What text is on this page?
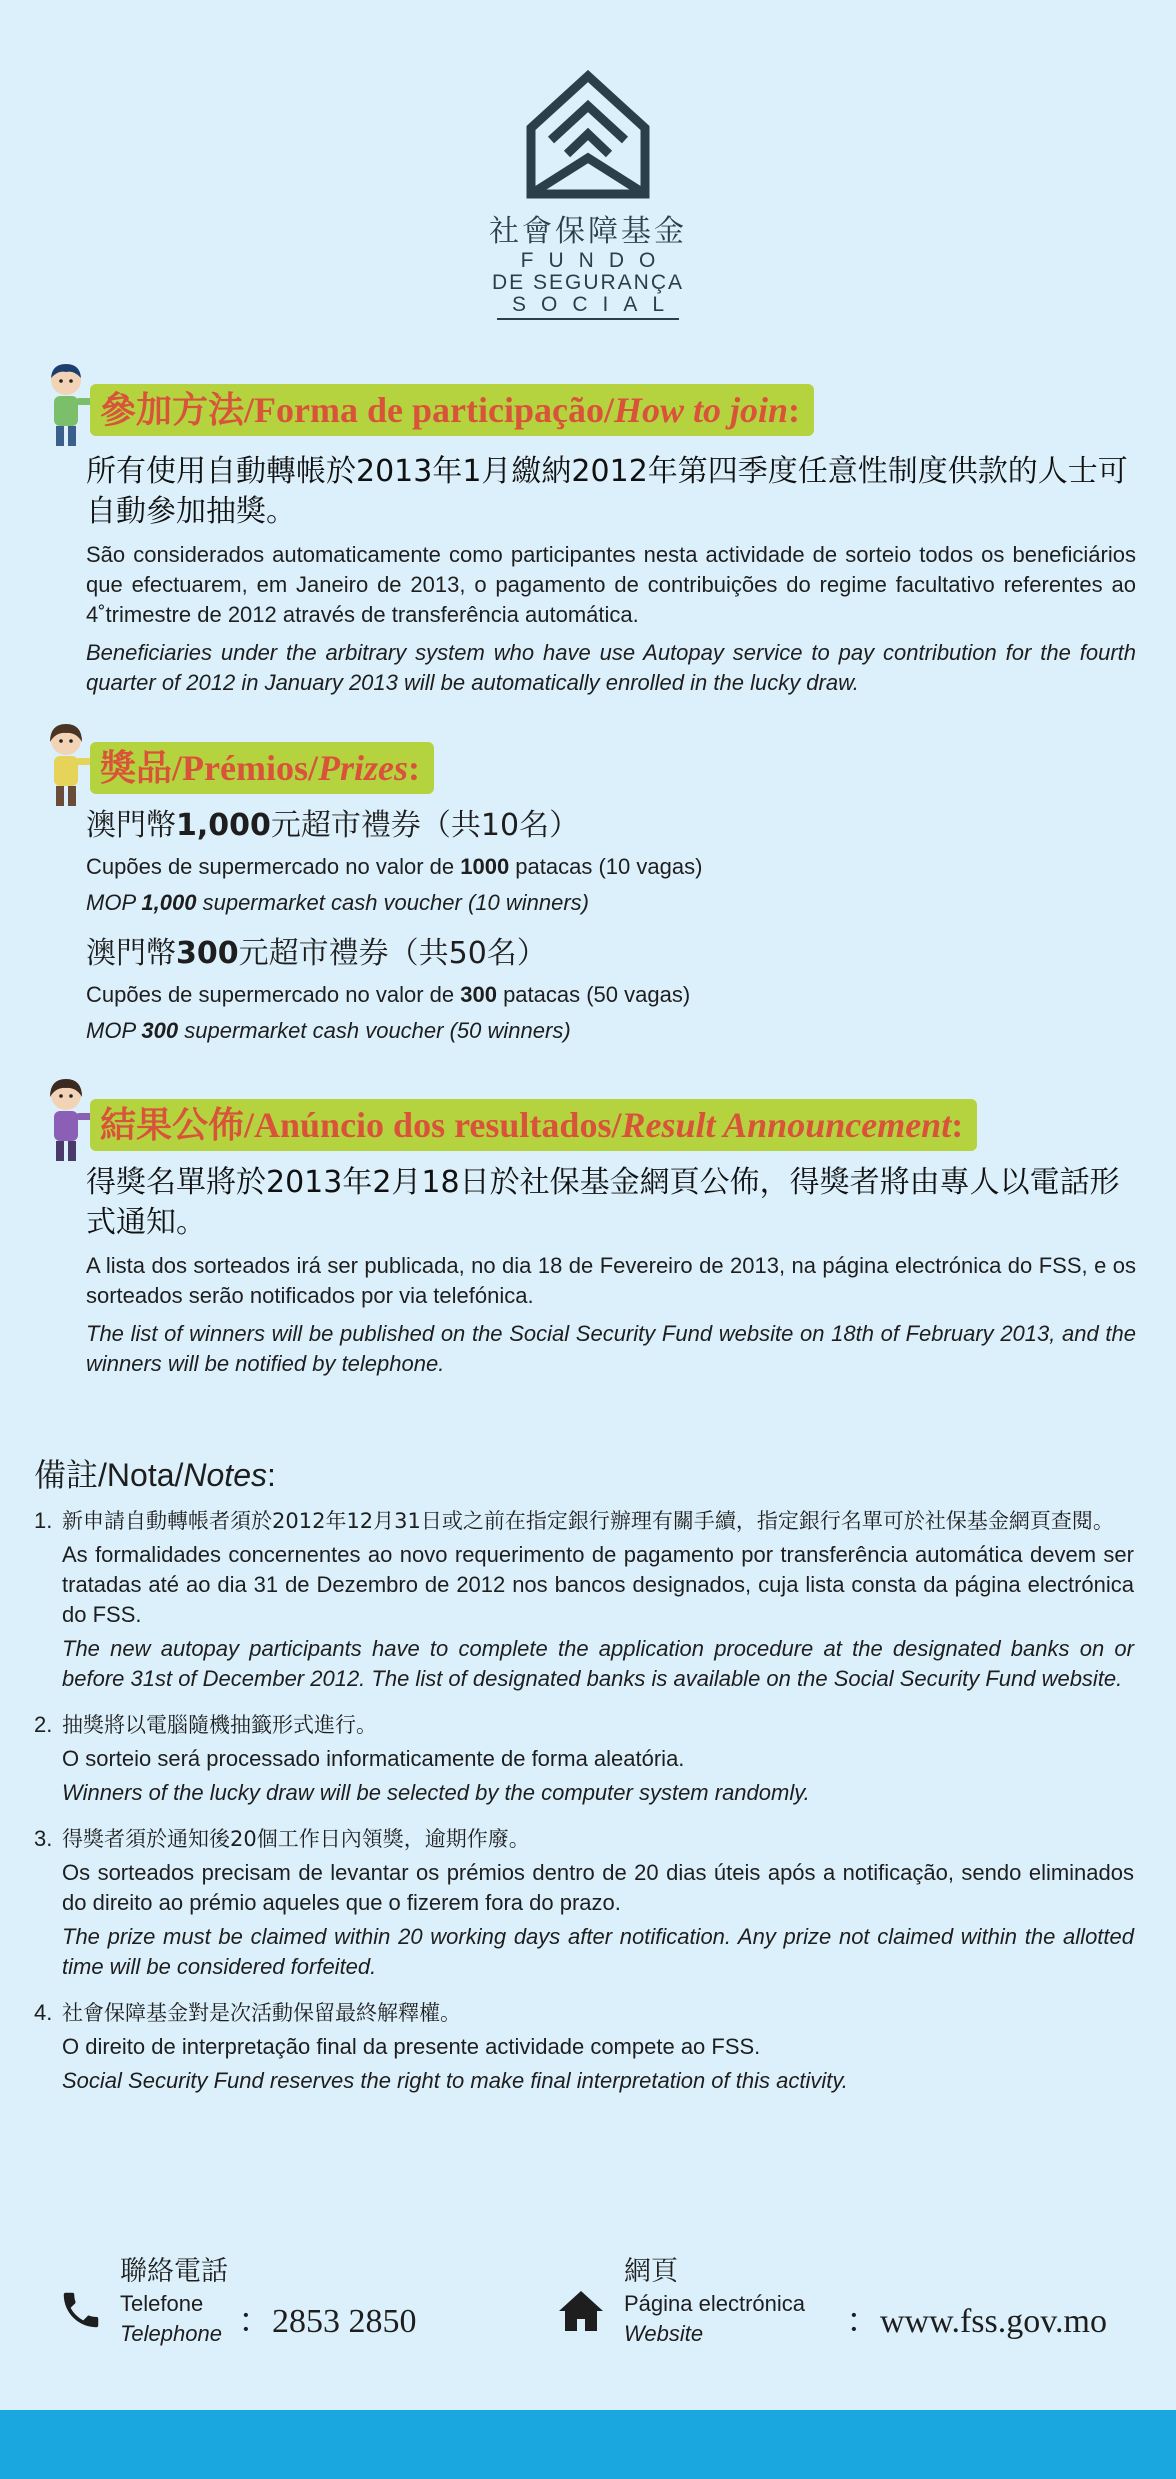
社會保障基金
FUNDO
DE SEGURANÇA
SOCIAL
參加方法/Forma de participação/How to join:
所有使用自動轉帳於2013年1月繳納2012年第四季度任意性制度供款的人士可自動參加抽獎。
São considerados automaticamente como participantes nesta actividade de sorteio todos os beneficiários que efectuarem, em Janeiro de 2013, o pagamento de contribuições do regime facultativo referentes ao 4˚trimestre de 2012 através de transferência automática.
Beneficiaries under the arbitrary system who have use Autopay service to pay contribution for the fourth quarter of 2012 in January 2013 will be automatically enrolled in the lucky draw.
獎品/Prémios/Prizes:
澳門幣1,000元超市禮券（共10名）
Cupões de supermercado no valor de 1000 patacas (10 vagas)
MOP 1,000 supermarket cash voucher (10 winners)
澳門幣300元超市禮券（共50名）
Cupões de supermercado no valor de 300 patacas (50 vagas)
MOP 300 supermarket cash voucher (50 winners)
結果公佈/Anúncio dos resultados/Result Announcement:
得獎名單將於2013年2月18日於社保基金網頁公佈，得獎者將由專人以電話形式通知。
A lista dos sorteados irá ser publicada, no dia 18 de Fevereiro de 2013, na página electrónica do FSS, e os sorteados serão notificados por via telefónica.
The list of winners will be published on the Social Security Fund website on 18th of February 2013, and the winners will be notified by telephone.
備註/Nota/Notes:
1. 新申請自動轉帳者須於2012年12月31日或之前在指定銀行辦理有關手續，指定銀行名單可於社保基金網頁查閱。
As formalidades concernentes ao novo requerimento de pagamento por transferência automática devem ser tratadas até ao dia 31 de Dezembro de 2012 nos bancos designados, cuja lista consta da página electrónica do FSS.
The new autopay participants have to complete the application procedure at the designated banks on or before 31st of December 2012. The list of designated banks is available on the Social Security Fund website.
2. 抽獎將以電腦隨機抽籤形式進行。
O sorteio será processado informaticamente de forma aleatória.
Winners of the lucky draw will be selected by the computer system randomly.
3. 得獎者須於通知後20個工作日內領獎，逾期作廢。
Os sorteados precisam de levantar os prémios dentro de 20 dias úteis após a notificação, sendo eliminados do direito ao prémio aqueles que o fizerem fora do prazo.
The prize must be claimed within 20 working days after notification. Any prize not claimed within the allotted time will be considered forfeited.
4. 社會保障基金對是次活動保留最終解釋權。
O direito de interpretação final da presente actividade compete ao FSS.
Social Security Fund reserves the right to make final interpretation of this activity.
聯絡電話
Telefone
Telephone ：2853 2850
網頁
Página electrónica
Website	：www.fss.gov.mo
